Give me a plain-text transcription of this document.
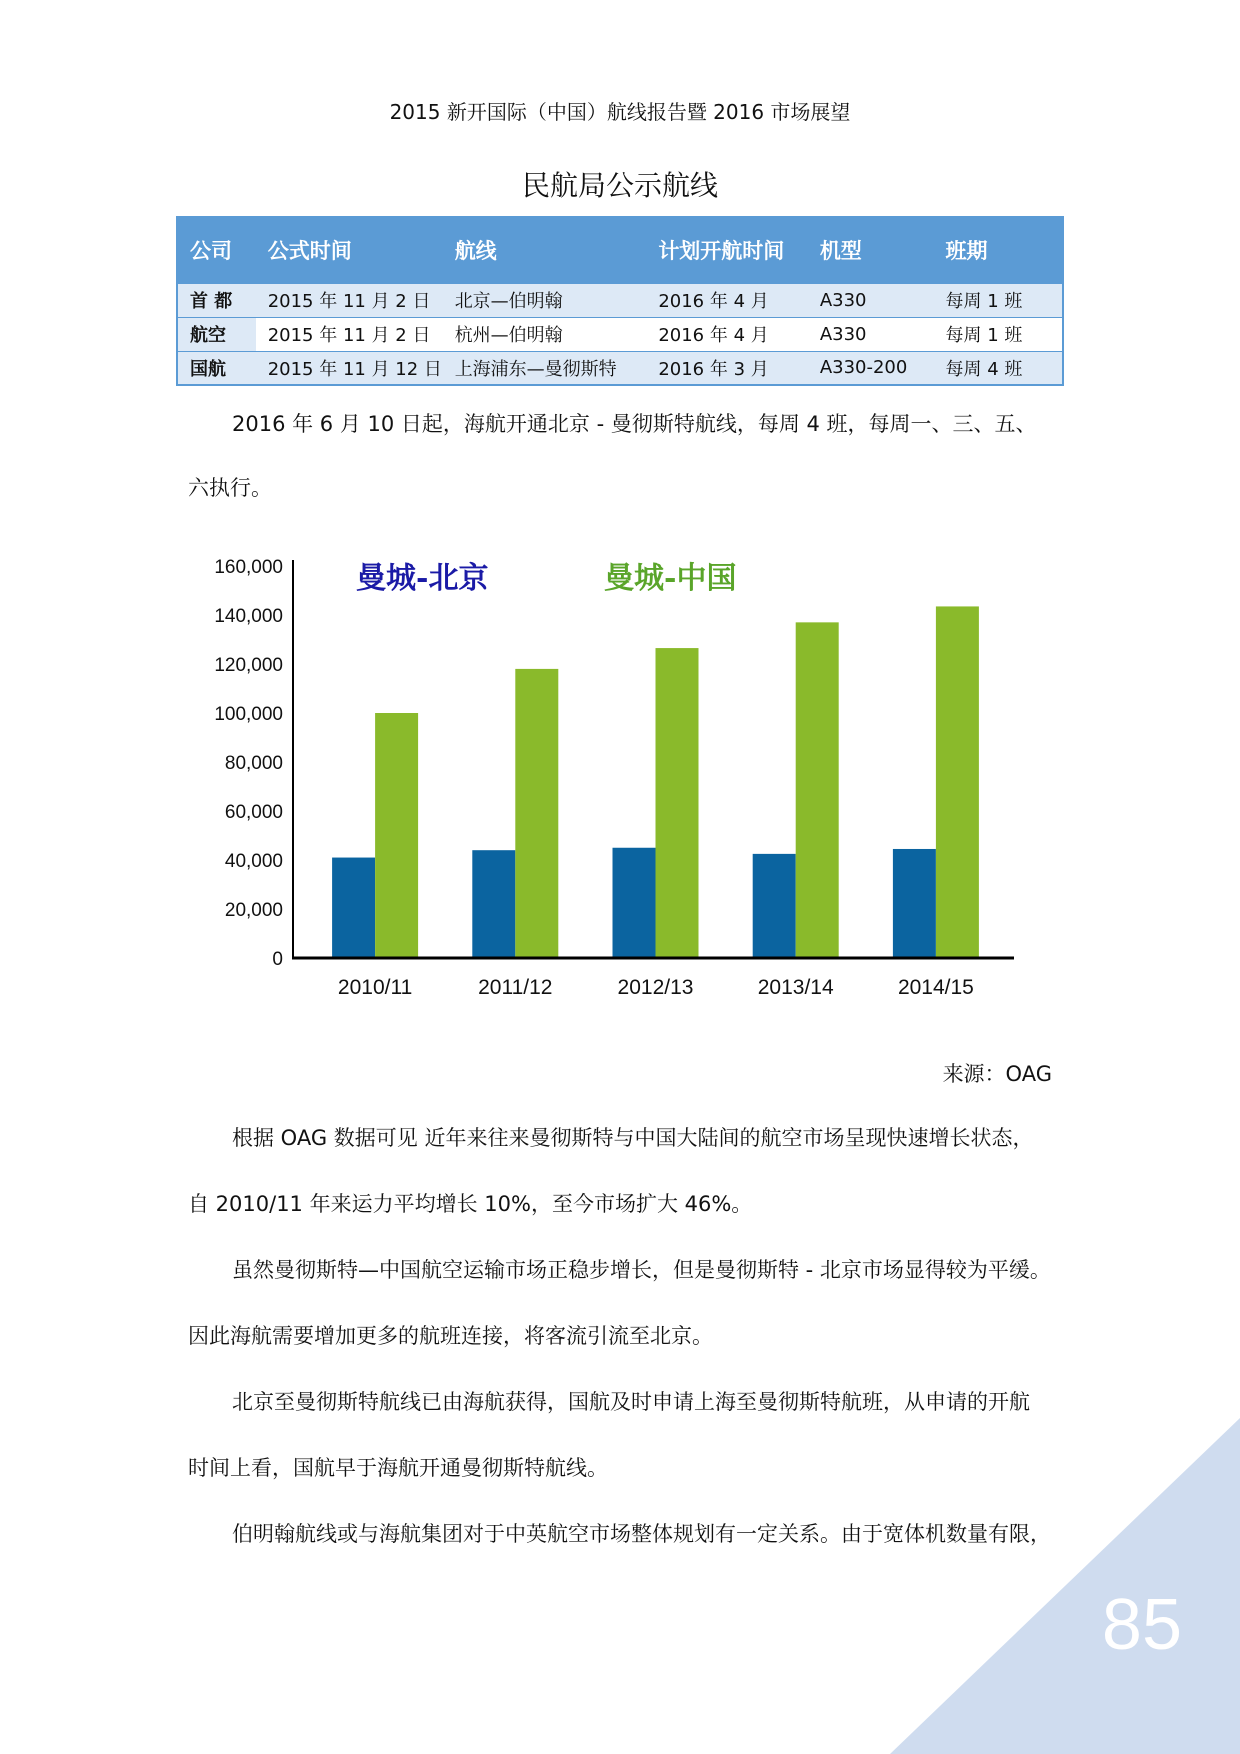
2015 新开国际（中国）航线报告暨 2016 市场展望
民航局公示航线
公司	公式时间	航线	计划开航时间	机型	班期
首 都	2015 年 11 月 2 日	北京—伯明翰	2016 年 4 月	A330	每周 1 班
航空	2015 年 11 月 2 日	杭州—伯明翰	2016 年 4 月	A330	每周 1 班
国航	2015 年 11 月 12 日	上海浦东—曼彻斯特	2016 年 3 月	A330-200	每周 4 班
2016 年 6 月 10 日起，海航开通北京 - 曼彻斯特航线，每周 4 班，每周一、三、五、
六执行。
0
20,000
40,000
60,000
80,000
100,000
120,000
140,000
160,000
2010/11	2011/12	2012/13	2013/14	2014/15
曼城-北京	曼城-中国
来源：OAG
根据 OAG 数据可见 近年来往来曼彻斯特与中国大陆间的航空市场呈现快速增长状态，
自 2010/11 年来运力平均增长 10%，至今市场扩大 46%。
虽然曼彻斯特—中国航空运输市场正稳步增长，但是曼彻斯特 - 北京市场显得较为平缓。
因此海航需要增加更多的航班连接，将客流引流至北京。
北京至曼彻斯特航线已由海航获得，国航及时申请上海至曼彻斯特航班，从申请的开航
时间上看，国航早于海航开通曼彻斯特航线。
伯明翰航线或与海航集团对于中英航空市场整体规划有一定关系。由于宽体机数量有限，
85
